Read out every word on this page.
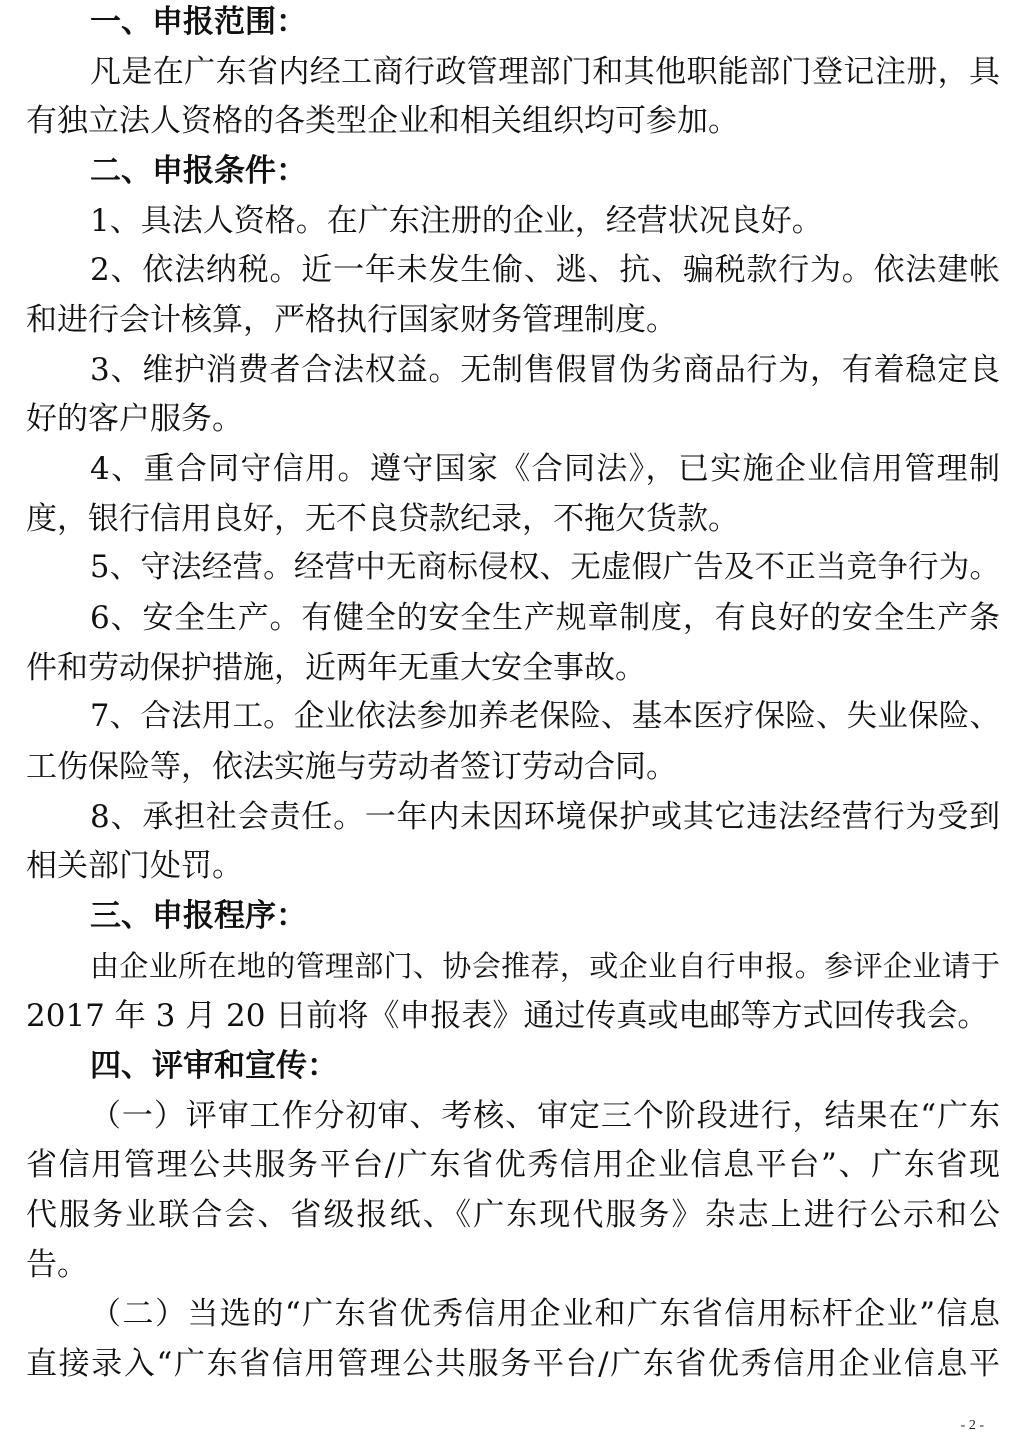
一、申报范围：
凡是在广东省内经工商行政管理部门和其他职能部门登记注册，具
有独立法人资格的各类型企业和相关组织均可参加。
二、申报条件：
1、具法人资格。在广东注册的企业，经营状况良好。
2、依法纳税。近一年未发生偷、逃、抗、骗税款行为。依法建帐
和进行会计核算，严格执行国家财务管理制度。
3、维护消费者合法权益。无制售假冒伪劣商品行为，有着稳定良
好的客户服务。
4、重合同守信用。遵守国家《合同法》，已实施企业信用管理制
度，银行信用良好，无不良贷款纪录，不拖欠货款。
5、守法经营。经营中无商标侵权、无虚假广告及不正当竞争行为。
6、安全生产。有健全的安全生产规章制度，有良好的安全生产条
件和劳动保护措施，近两年无重大安全事故。
7、合法用工。企业依法参加养老保险、基本医疗保险、失业保险、
工伤保险等，依法实施与劳动者签订劳动合同。
8、承担社会责任。一年内未因环境保护或其它违法经营行为受到
相关部门处罚。
三、申报程序：
由企业所在地的管理部门、协会推荐，或企业自行申报。参评企业请于
2017 年 3 月 20 日前将《申报表》通过传真或电邮等方式回传我会。
四、评审和宣传：
（一）评审工作分初审、考核、审定三个阶段进行，结果在“广东
省信用管理公共服务平台/广东省优秀信用企业信息平台”、广东省现
代服务业联合会、省级报纸、《广东现代服务》杂志上进行公示和公
告。
（二）当选的“广东省优秀信用企业和广东省信用标杆企业”信息
直接录入“广东省信用管理公共服务平台/广东省优秀信用企业信息平
- 2 -
